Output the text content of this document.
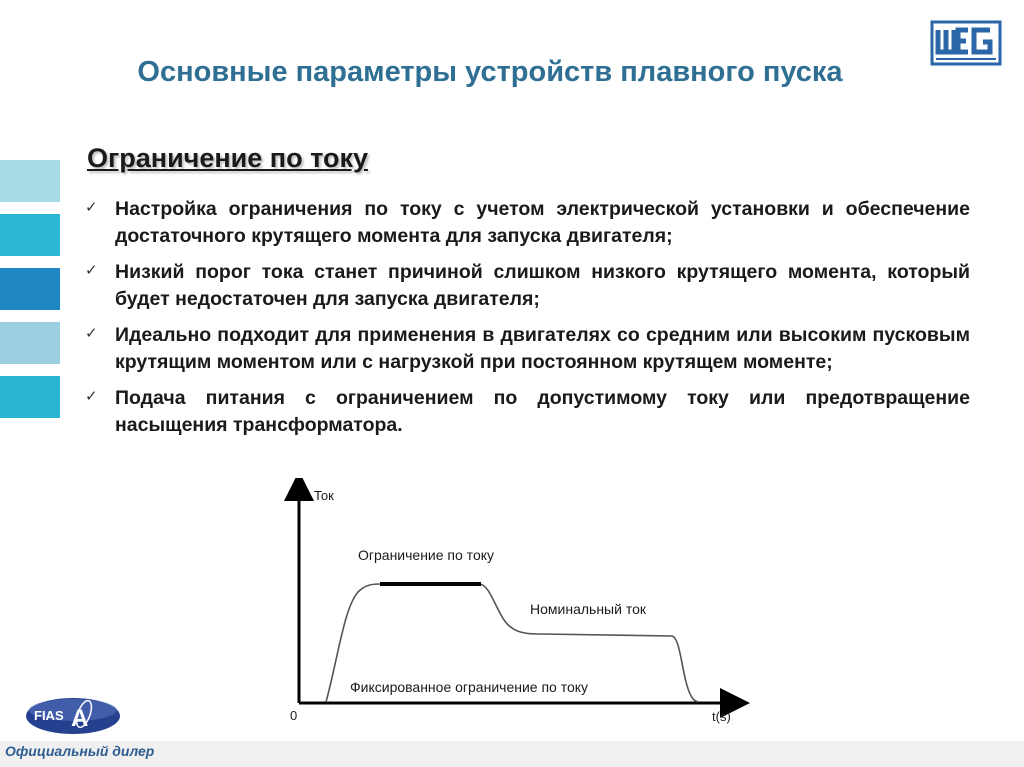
Основные параметры устройств плавного пуска
Ограничение по току
✓ Настройка ограничения по току с учетом электрической установки и обеспечение достаточного крутящего момента для запуска двигателя;
✓ Низкий порог тока станет причиной слишком низкого крутящего момента, который будет недостаточен для запуска двигателя;
✓ Идеально подходит для применения в двигателях со средним или высоким пусковым крутящим моментом или с нагрузкой при постоянном крутящем моменте;
✓ Подача питания с ограничением по допустимому току или предотвращение насыщения трансформатора.
Ток
t(s)
0
Ограничение по току
Номинальный ток
Фиксированное ограничение по току
FIAS A
Официальный дилер
